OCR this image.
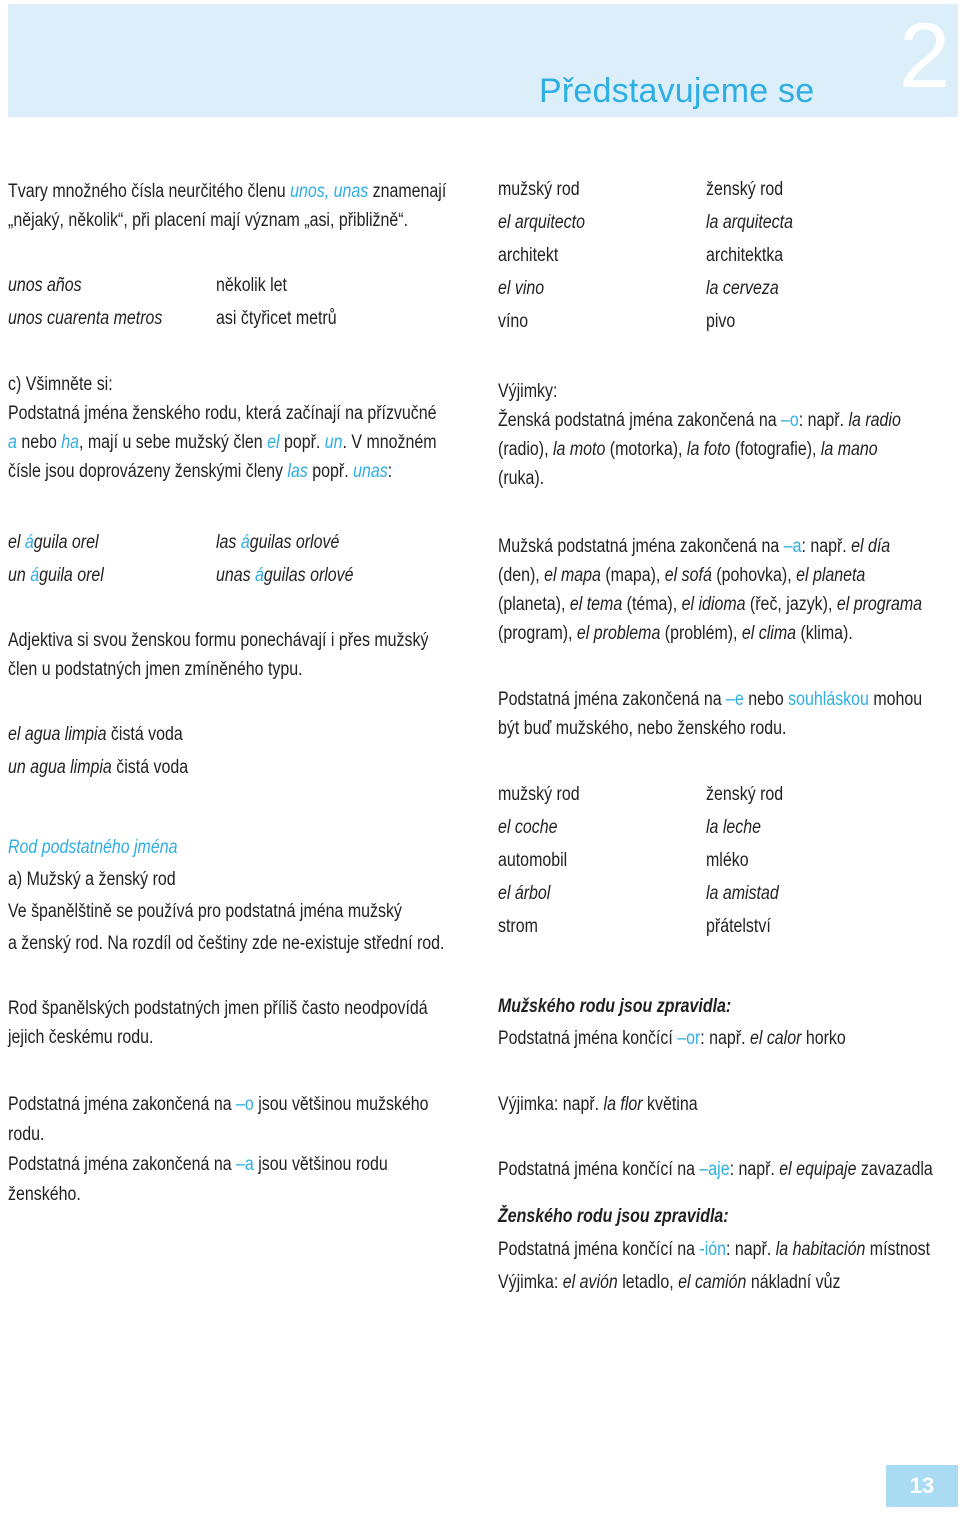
Představujeme se 2
unos años	několik let
unos cuarenta metros	asi čtyřicet metrů
el águila orel	las águilas orlové
un águila orel	unas águilas orlové
13
Tvary množného čísla neurčitého členu unos, unas znamenají
„nějaký, několik“, při placení mají význam „asi, přibližně“.
c) Všimněte si:
Podstatná jména ženského rodu, která začínají na přízvučné
a nebo ha, mají u sebe mužský člen el popř. un. V množném
čísle jsou doprovázeny ženskými členy las popř. unas:
Adjektiva si svou ženskou formu ponechávají i přes mužský
člen u podstatných jmen zmíněného typu.
el agua limpia čistá voda
un agua limpia čistá voda
Rod podstatného jména
a) Mužský a ženský rod
Ve španělštině se používá pro podstatná jména mužský
a ženský rod. Na rozdíl od češtiny zde ne-existuje střední rod.
Rod španělských podstatných jmen příliš často neodpovídá
jejich českému rodu.
Podstatná jména zakončená na –o jsou většinou mužského
rodu.
Podstatná jména zakončená na –a jsou většinou rodu
ženského.
Výjimky:
Ženská podstatná jména zakončená na –o: např. la radio
(radio), la moto (motorka), la foto (fotografie), la mano
(ruka).
Mužská podstatná jména zakončená na –a: např. el día
(den), el mapa (mapa), el sofá (pohovka), el planeta
(planeta), el tema (téma), el idioma (řeč, jazyk), el programa
(program), el problema (problém), el clima (klima).
Podstatná jména zakončená na –e nebo souhláskou mohou
být buď mužského, nebo ženského rodu.
Mužského rodu jsou zpravidla:
Podstatná jména končící –or: např. el calor horko
Výjimka: např. la flor květina
Podstatná jména končící na –aje: např. el equipaje zavazadla
Ženského rodu jsou zpravidla:
Podstatná jména končící na -ión: např. la habitación místnost
Výjimka: el avión letadlo, el camión nákladní vůz
mužský rod	ženský rod
el arquitecto	la arquitecta
architekt	architektka
el vino	la cerveza
víno	pivo
mužský rod	ženský rod
el coche	la leche
automobil	mléko
el árbol	la amistad
strom	přátelství
